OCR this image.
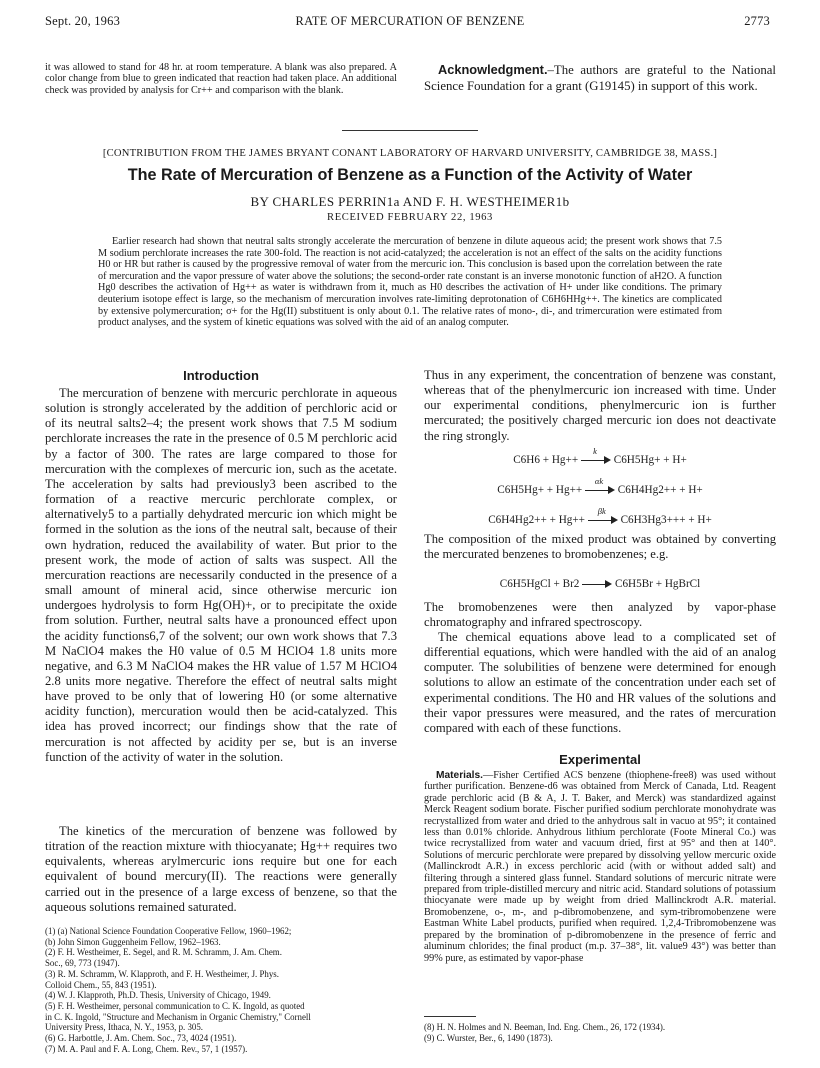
Sept. 20, 1963	RATE OF MERCURATION OF BENZENE	2773

it was allowed to stand for 48 hr. at room temperature. A blank was also prepared. A color change from blue to green indicated that reaction had taken place. An additional check was provided by analysis for Cr++ and comparison with the blank.

Acknowledgment.–The authors are grateful to the National Science Foundation for a grant (G19145) in support of this work.
[CONTRIBUTION FROM THE JAMES BRYANT CONANT LABORATORY OF HARVARD UNIVERSITY, CAMBRIDGE 38, MASS.]
The Rate of Mercuration of Benzene as a Function of the Activity of Water
BY CHARLES PERRIN1a AND F. H. WESTHEIMER1b
RECEIVED FEBRUARY 22, 1963

Earlier research had shown that neutral salts strongly accelerate the mercuration of benzene in dilute aqueous acid; the present work shows that 7.5 M sodium perchlorate increases the rate 300-fold. The reaction is not acid-catalyzed; the acceleration is not an effect of the salts on the acidity functions H0 or HR but rather is caused by the progressive removal of water from the mercuric ion. This conclusion is based upon the correlation between the rate of mercuration and the vapor pressure of water above the solutions; the second-order rate constant is an inverse monotonic function of aH2O. A function Hg0 describes the activation of Hg++ as water is withdrawn from it, much as H0 describes the activation of H+ under like conditions. The primary deuterium isotope effect is large, so the mechanism of mercuration involves rate-limiting deprotonation of C6H6HHg++. The kinetics are complicated by extensive polymercuration; σ+ for the Hg(II) substituent is only about 0.1. The relative rates of mono-, di-, and trimercuration were estimated from product analyses, and the system of kinetic equations was solved with the aid of an analog computer.

Introduction

The mercuration of benzene with mercuric perchlorate in aqueous solution is strongly accelerated by the addition of perchloric acid or of its neutral salts2–4; the present work shows that 7.5 M sodium perchlorate increases the rate in the presence of 0.5 M perchloric acid by a factor of 300. The rates are large compared to those for mercuration with the complexes of mercuric ion, such as the acetate. The acceleration by salts had previously3 been ascribed to the formation of a reactive mercuric perchlorate complex, or alternatively5 to a partially dehydrated mercuric ion which might be formed in the solution as the ions of the neutral salt, because of their own hydration, reduced the availability of water. But prior to the present work, the mode of action of salts was suspect. All the mercuration reactions are necessarily conducted in the presence of a small amount of mineral acid, since otherwise mercuric ion undergoes hydrolysis to form Hg(OH)+, or to precipitate the oxide from solution. Further, neutral salts have a pronounced effect upon the acidity functions6,7 of the solvent; our own work shows that 7.3 M NaClO4 makes the H0 value of 0.5 M HClO4 1.8 units more negative, and 6.3 M NaClO4 makes the HR value of 1.57 M HClO4 2.8 units more negative. Therefore the effect of neutral salts might have proved to be only that of lowering H0 (or some alternative acidity function), mercuration would then be acid-catalyzed. This idea has proved incorrect; our findings show that the rate of mercuration is not affected by acidity per se, but is an inverse function of the activity of water in the solution.

The kinetics of the mercuration of benzene was followed by titration of the reaction mixture with thiocyanate; Hg++ requires two equivalents, whereas arylmercuric ions require but one for each equivalent of bound mercury(II). The reactions were generally carried out in the presence of a large excess of benzene, so that the aqueous solutions remained saturated.

(1) (a) National Science Foundation Cooperative Fellow, 1960–1962;
(b) John Simon Guggenheim Fellow, 1962–1963.
(2) F. H. Westheimer, E. Segel, and R. M. Schramm, J. Am. Chem.
Soc., 69, 773 (1947).
(3) R. M. Schramm, W. Klapproth, and F. H. Westheimer, J. Phys.
Colloid Chem., 55, 843 (1951).
(4) W. J. Klapproth, Ph.D. Thesis, University of Chicago, 1949.
(5) F. H. Westheimer, personal communication to C. K. Ingold, as quoted
in C. K. Ingold, "Structure and Mechanism in Organic Chemistry," Cornell
University Press, Ithaca, N. Y., 1953, p. 305.
(6) G. Harbottle, J. Am. Chem. Soc., 73, 4024 (1951).
(7) M. A. Paul and F. A. Long, Chem. Rev., 57, 1 (1957).

Thus in any experiment, the concentration of benzene was constant, whereas that of the phenylmercuric ion increased with time. Under our experimental conditions, phenylmercuric ion is further mercurated; the positively charged mercuric ion does not deactivate the ring strongly.

C6H6 + Hg++
k
C6H5Hg+ + H+
C6H5Hg+ + Hg++
αk
C6H4Hg2++ + H+
C6H4Hg2++ + Hg++
βk
C6H3Hg3+++ + H+

The composition of the mixed product was obtained by converting the mercurated benzenes to bromobenzenes; e.g.

C6H5HgCl + Br2	C6H5Br + HgBrCl

The bromobenzenes were then analyzed by vapor-phase chromatography and infrared spectroscopy.

The chemical equations above lead to a complicated set of differential equations, which were handled with the aid of an analog computer. The solubilities of benzene were determined for enough solutions to allow an estimate of the concentration under each set of experimental conditions. The H0 and HR values of the solutions and their vapor pressures were measured, and the rates of mercuration compared with each of these functions.

Experimental

Materials.—Fisher Certified ACS benzene (thiophene-free8) was used without further purification. Benzene-d6 was obtained from Merck of Canada, Ltd. Reagent grade perchloric acid (B & A, J. T. Baker, and Merck) was standardized against Merck Reagent sodium borate. Fischer purified sodium perchlorate monohydrate was recrystallized from water and dried to the anhydrous salt in vacuo at 95°; it contained less than 0.01% chloride. Anhydrous lithium perchlorate (Foote Mineral Co.) was twice recrystallized from water and vacuum dried, first at 95° and then at 140°. Solutions of mercuric perchlorate were prepared by dissolving yellow mercuric oxide (Mallinckrodt A.R.) in excess perchloric acid (with or without added salt) and filtering through a sintered glass funnel. Standard solutions of mercuric nitrate were prepared from triple-distilled mercury and nitric acid. Standard solutions of potassium thiocyanate were made up by weight from dried Mallinckrodt A.R. material. Bromobenzene, o-, m-, and p-dibromobenzene, and sym-tribromobenzene were Eastman White Label products, purified when required. 1,2,4-Tribromobenzene was prepared by the bromination of p-dibromobenzene in the presence of ferric and aluminum chlorides; the final product (m.p. 37–38°, lit. value9 43°) was better than 99% pure, as estimated by vapor-phase

(8) H. N. Holmes and N. Beeman, Ind. Eng. Chem., 26, 172 (1934).
(9) C. Wurster, Ber., 6, 1490 (1873).
